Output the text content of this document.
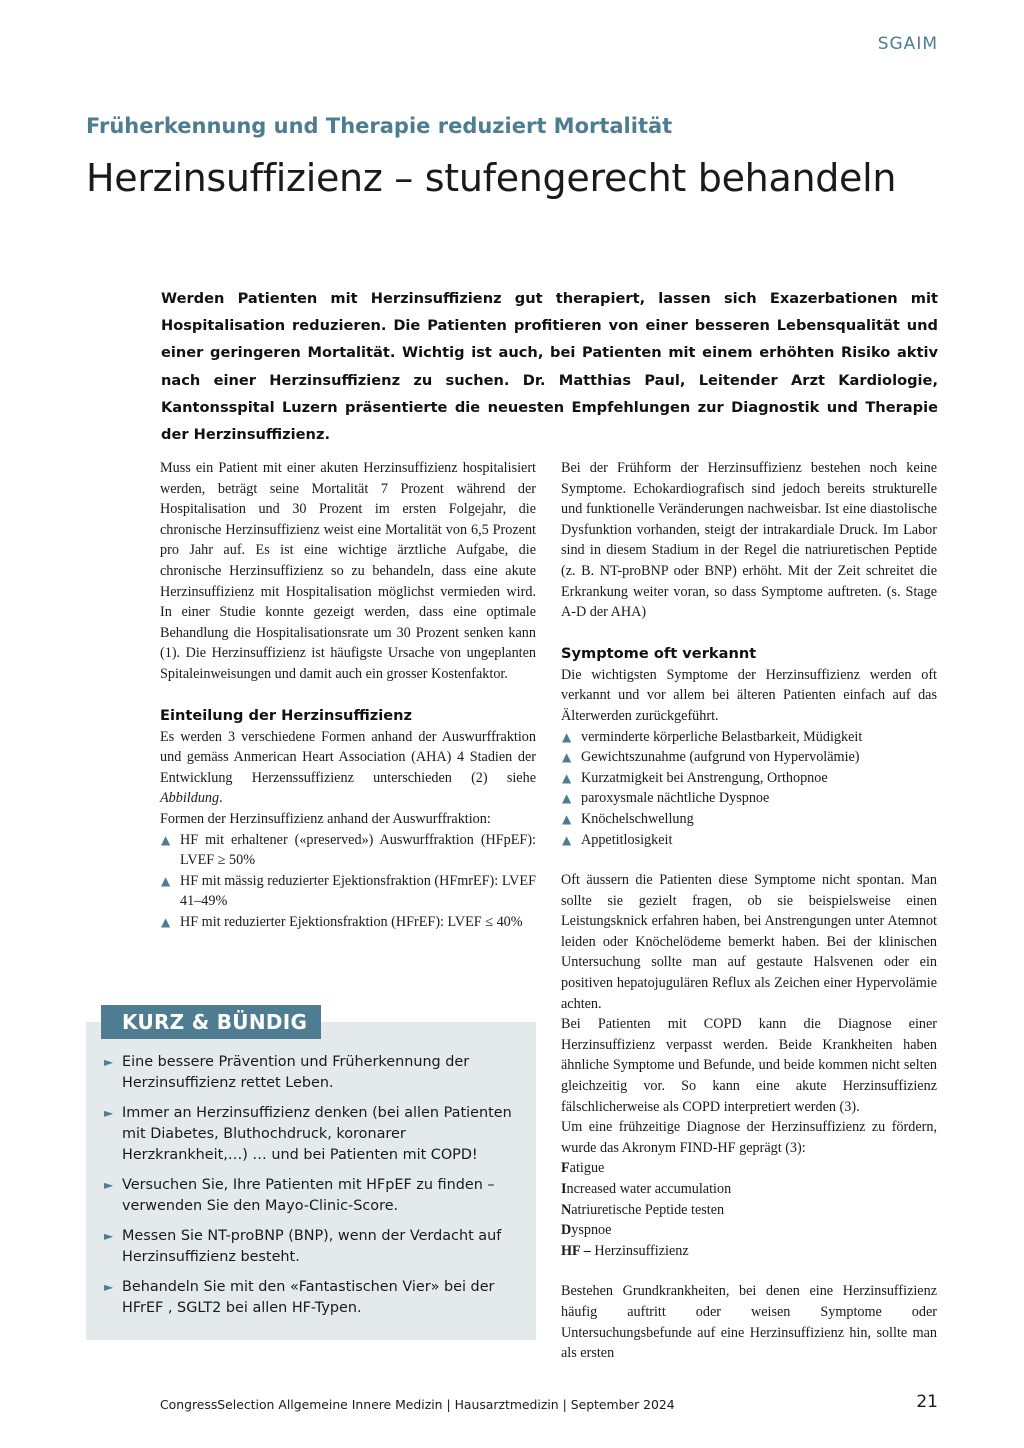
SGAIM
Früherkennung und Therapie reduziert Mortalität
Herzinsuffizienz – stufengerecht behandeln

Werden Patienten mit Herzinsuffizienz gut therapiert, lassen sich Exazerbationen mit Hospitalisation reduzieren. Die Patienten profitieren von einer besseren Lebensqualität und einer geringeren Mortalität. Wichtig ist auch, bei Patienten mit einem erhöhten Risiko aktiv nach einer Herzinsuffizienz zu suchen. Dr. Matthias Paul, Leitender Arzt Kardiologie, Kantonsspital Luzern präsentierte die neuesten Empfehlungen zur Diagnostik und Therapie der Herzinsuffizienz.

Muss ein Patient mit einer akuten Herzinsuffizienz hospitalisiert werden, beträgt seine Mortalität 7 Prozent während der Hospitalisation und 30 Prozent im ersten Folgejahr, die chronische Herzinsuffizienz weist eine Mortalität von 6,5 Prozent pro Jahr auf. Es ist eine wichtige ärztliche Aufgabe, die chronische Herzinsuffizienz so zu behandeln, dass eine akute Herzinsuffizienz mit Hospitalisation möglichst vermieden wird. In einer Studie konnte gezeigt werden, dass eine optimale Behandlung die Hospitalisationsrate um 30 Prozent senken kann (1). Die Herzinsuffizienz ist häufigste Ursache von ungeplanten Spitaleinweisungen und damit auch ein grosser Kostenfaktor.

Einteilung der Herzinsuffizienz

Es werden 3 verschiedene Formen anhand der Auswurffraktion und gemäss Anmerican Heart Association (AHA) 4 Stadien der Entwicklung Herzenssuffizienz unterschieden (2) siehe Abbildung.

Formen der Herzinsuffizienz anhand der Auswurffraktion:

▲ HF mit erhaltener («preserved») Auswurffraktion (HFpEF): LVEF ≥ 50%
▲ HF mit mässig reduzierter Ejektionsfraktion (HFmrEF): LVEF 41–49%
▲ HF mit reduzierter Ejektionsfraktion (HFrEF): LVEF ≤ 40%
KURZ & BÜNDIG
► Eine bessere Prävention und Früherkennung der Herzinsuffizienz rettet Leben.
► Immer an Herzinsuffizienz denken (bei allen Patienten mit Diabetes, Bluthochdruck, koronarer Herzkrankheit,…) … und bei Patienten mit COPD!
► Versuchen Sie, Ihre Patienten mit HFpEF zu finden – verwenden Sie den Mayo-Clinic-Score.
► Messen Sie NT-proBNP (BNP), wenn der Verdacht auf Herzinsuffizienz besteht.
► Behandeln Sie mit den «Fantastischen Vier» bei der HFrEF , SGLT2 bei allen HF-Typen.

Bei der Frühform der Herzinsuffizienz bestehen noch keine Symptome. Echokardiografisch sind jedoch bereits strukturelle und funktionelle Veränderungen nachweisbar. Ist eine diastolische Dysfunktion vorhanden, steigt der intrakardiale Druck. Im Labor sind in diesem Stadium in der Regel die natriuretischen Peptide (z. B. NT-proBNP oder BNP) erhöht. Mit der Zeit schreitet die Erkrankung weiter voran, so dass Symptome auftreten. (s. Stage A-D der AHA)

Symptome oft verkannt

Die wichtigsten Symptome der Herzinsuffizienz werden oft verkannt und vor allem bei älteren Patienten einfach auf das Älterwerden zurückgeführt.

▲ verminderte körperliche Belastbarkeit, Müdigkeit
▲ Gewichtszunahme (aufgrund von Hypervolämie)
▲ Kurzatmigkeit bei Anstrengung, Orthopnoe
▲ paroxysmale nächtliche Dyspnoe
▲ Knöchelschwellung
▲ Appetitlosigkeit

Oft äussern die Patienten diese Symptome nicht spontan. Man sollte sie gezielt fragen, ob sie beispielsweise einen Leistungsknick erfahren haben, bei Anstrengungen unter Atemnot leiden oder Knöchelödeme bemerkt haben. Bei der klinischen Untersuchung sollte man auf gestaute Halsvenen oder ein positiven hepatojugulären Reflux als Zeichen einer Hypervolämie achten.

Bei Patienten mit COPD kann die Diagnose einer Herzinsuffizienz verpasst werden. Beide Krankheiten haben ähnliche Symptome und Befunde, und beide kommen nicht selten gleichzeitig vor. So kann eine akute Herzinsuffizienz fälschlicherweise als COPD interpretiert werden (3).

Um eine frühzeitige Diagnose der Herzinsuffizienz zu fördern, wurde das Akronym FIND-HF geprägt (3):

Fatigue
Increased water accumulation
Natriuretische Peptide testen
Dyspnoe
HF – Herzinsuffizienz

Bestehen Grundkrankheiten, bei denen eine Herzinsuffizienz häufig auftritt oder weisen Symptome oder Untersuchungsbefunde auf eine Herzinsuffizienz hin, sollte man als ersten

CongressSelection Allgemeine Innere Medizin | Hausarztmedizin | September 2024	21
